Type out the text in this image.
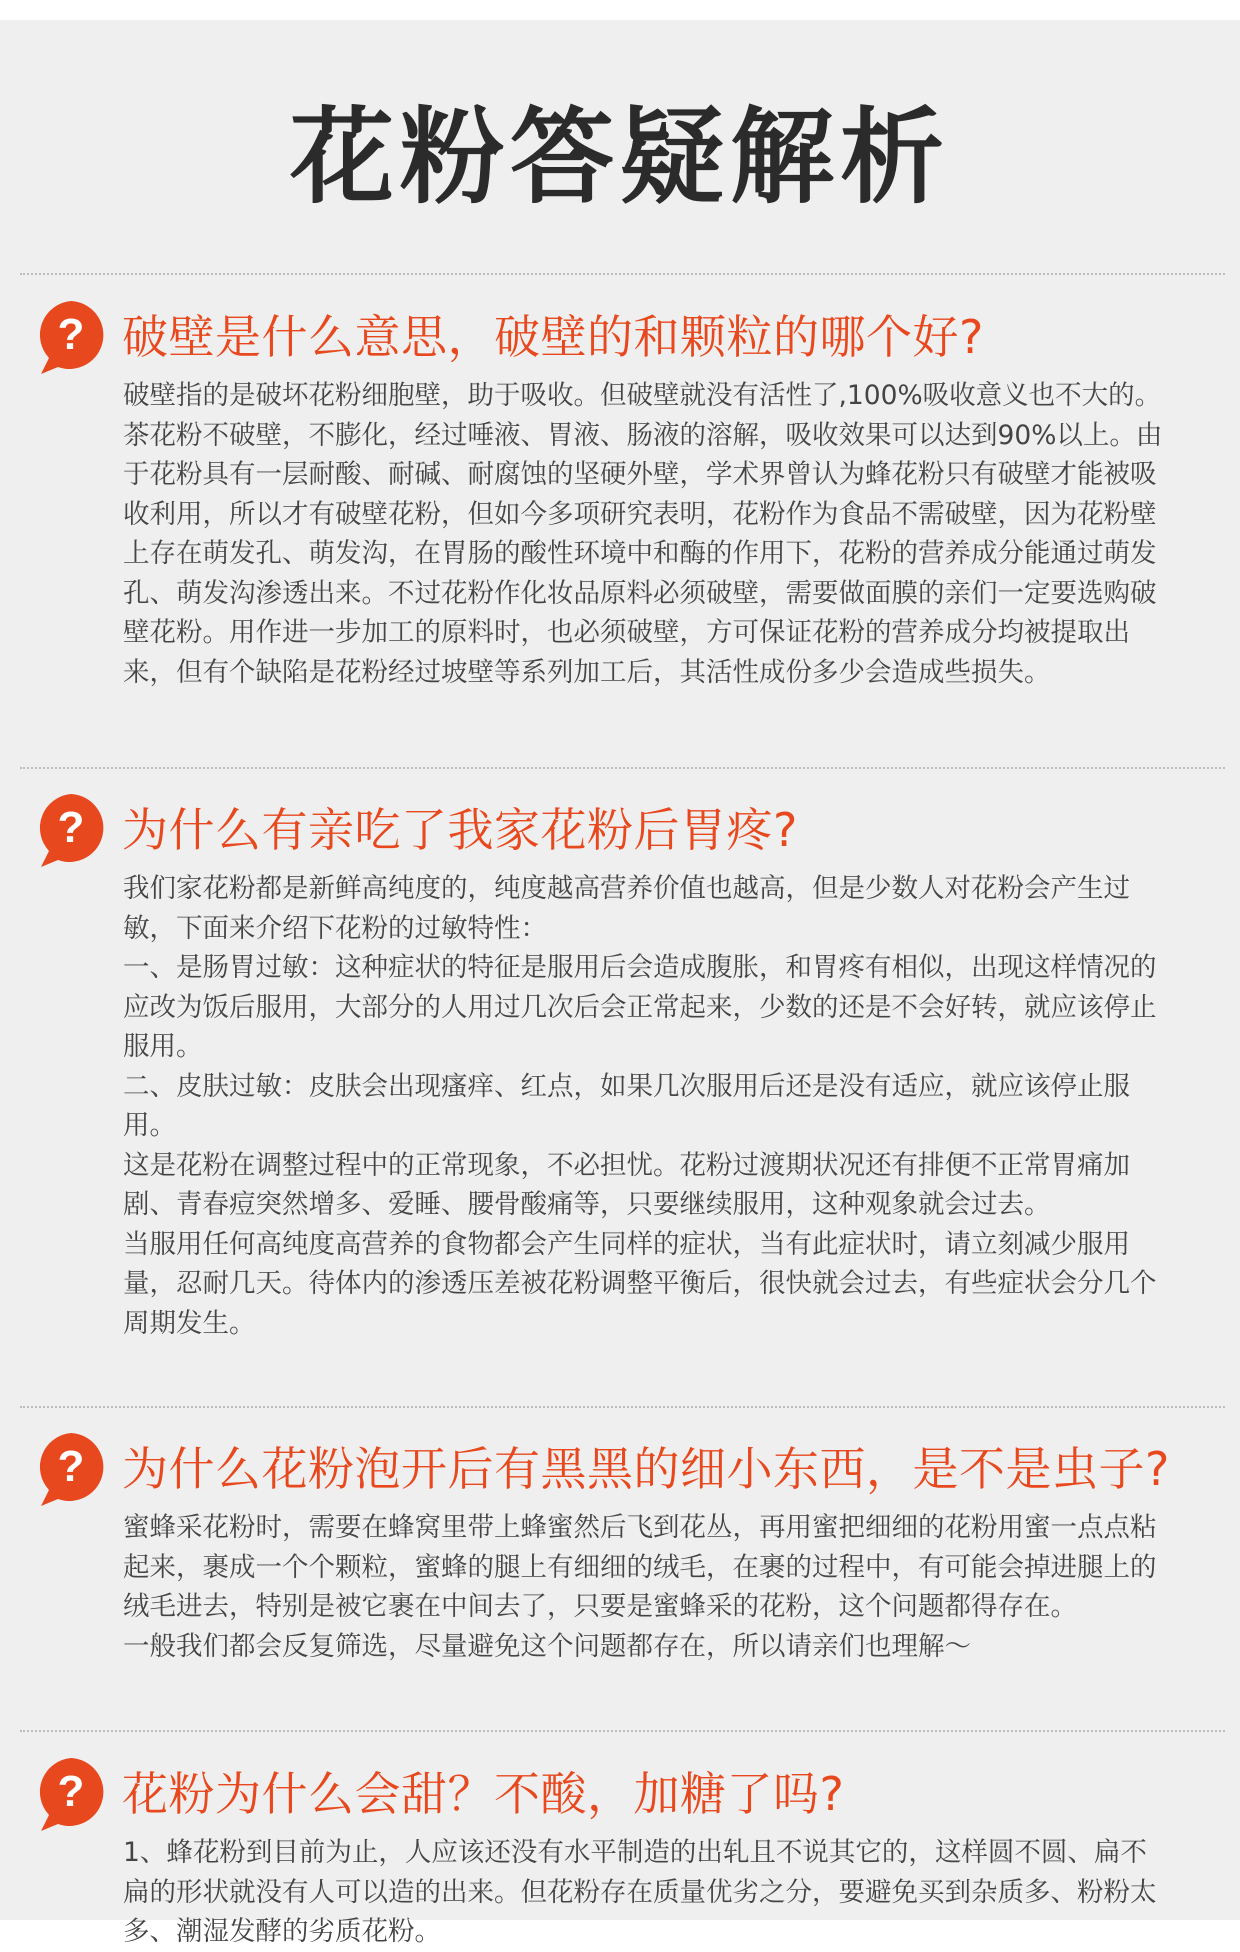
花粉答疑解析
? 破壁是什么意思，破壁的和颗粒的哪个好?

破壁指的是破坏花粉细胞壁，助于吸收。但破壁就没有活性了,100%吸收意义也不大的。茶花粉不破壁，不膨化，经过唾液、胃液、肠液的溶解，吸收效果可以达到90%以上。由于花粉具有一层耐酸、耐碱、耐腐蚀的坚硬外壁，学术界曾认为蜂花粉只有破壁才能被吸收利用，所以才有破壁花粉，但如今多项研究表明，花粉作为食品不需破壁，因为花粉壁上存在萌发孔、萌发沟，在胃肠的酸性环境中和酶的作用下，花粉的营养成分能通过萌发孔、萌发沟渗透出来。不过花粉作化妆品原料必须破壁，需要做面膜的亲们一定要选购破壁花粉。用作进一步加工的原料时，也必须破壁，方可保证花粉的营养成分均被提取出来，但有个缺陷是花粉经过坡壁等系列加工后，其活性成份多少会造成些损失。

? 为什么有亲吃了我家花粉后胃疼?

我们家花粉都是新鲜高纯度的，纯度越高营养价值也越高，但是少数人对花粉会产生过敏，下面来介绍下花粉的过敏特性：

一、是肠胃过敏：这种症状的特征是服用后会造成腹胀，和胃疼有相似，出现这样情况的应改为饭后服用，大部分的人用过几次后会正常起来，少数的还是不会好转，就应该停止服用。

二、皮肤过敏：皮肤会出现瘙痒、红点，如果几次服用后还是没有适应，就应该停止服用。

这是花粉在调整过程中的正常现象，不必担忧。花粉过渡期状况还有排便不正常胃痛加剧、青春痘突然增多、爱睡、腰骨酸痛等，只要继续服用，这种观象就会过去。

当服用任何高纯度高营养的食物都会产生同样的症状，当有此症状时，请立刻减少服用量，忍耐几天。待体内的渗透压差被花粉调整平衡后，很快就会过去，有些症状会分几个周期发生。

? 为什么花粉泡开后有黑黑的细小东西，是不是虫子?

蜜蜂采花粉时，需要在蜂窝里带上蜂蜜然后飞到花丛，再用蜜把细细的花粉用蜜一点点粘起来，裹成一个个颗粒，蜜蜂的腿上有细细的绒毛，在裹的过程中，有可能会掉进腿上的绒毛进去，特别是被它裹在中间去了，只要是蜜蜂采的花粉，这个问题都得存在。

一般我们都会反复筛选，尽量避免这个问题都存在，所以请亲们也理解～

? 花粉为什么会甜？不酸，加糖了吗?

1、蜂花粉到目前为止，人应该还没有水平制造的出轧且不说其它的，这样圆不圆、扁不扁的形状就没有人可以造的出来。但花粉存在质量优劣之分，要避免买到杂质多、粉粉太多、潮湿发酵的劣质花粉。
